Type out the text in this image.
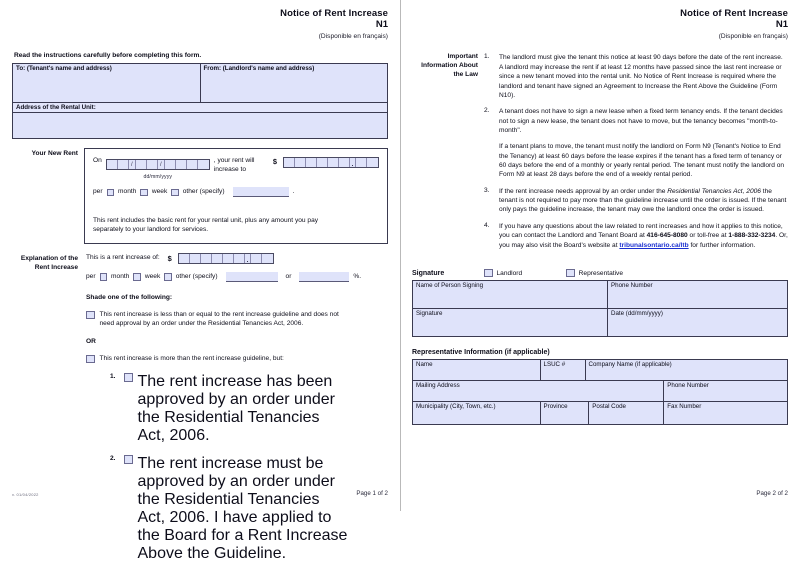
Notice of Rent Increase
N1
(Disponible en français)
Read the instructions carefully before completing this form.
To: (Tenant's name and address)	From: (Landlord's name and address)
Address of the Rental Unit:

Your New Rent
On
/	/
dd/mm/yyyy
, your rent will increase to
$
per month week other (specify)	.
This rent includes the basic rent for your rental unit, plus any amount you pay separately to your landlord for services.
Explanation of the Rent Increase
This is a rent increase of: $
per month week other (specify)	or	%.
Shade one of the following:
This rent increase is less than or equal to the rent increase guideline and does not need approval by an order under the Residential Tenancies Act, 2006.
OR
This rent increase is more than the rent increase guideline, but:
1. The rent increase has been approved by an order under the Residential Tenancies Act, 2006.
2. The rent increase must be approved by an order under the Residential Tenancies Act, 2006. I have applied to the Board for a Rent Increase Above the Guideline.
v. 01/04/2022	Page 1 of 2
Notice of Rent Increase
N1
(Disponible en français)
Important Information About the Law
1.	The landlord must give the tenant this notice at least 90 days before the date of the rent increase. A landlord may increase the rent if at least 12 months have passed since the last rent increase or since a new tenant moved into the rental unit. No Notice of Rent Increase is required where the landlord and tenant have signed an Agreement to Increase the Rent Above the Guideline (Form N10).
2.	A tenant does not have to sign a new lease when a fixed term tenancy ends. If the tenant decides not to sign a new lease, the tenant does not have to move, but the tenancy becomes "month-to-month".
If a tenant plans to move, the tenant must notify the landlord on Form N9 (Tenant's Notice to End the Tenancy) at least 60 days before the lease expires if the tenant has a fixed term of tenancy or 60 days before the end of a monthly or yearly rental period. The tenant must notify the landlord on Form N9 at least 28 days before the end of a weekly rental period.
3.	If the rent increase needs approval by an order under the Residential Tenancies Act, 2006 the tenant is not required to pay more than the guideline increase until the order is issued. If the tenant only pays the guideline increase, the tenant may owe the landlord once the order is issued.
4.	If you have any questions about the law related to rent increases and how it applies to this notice, you can contact the Landlord and Tenant Board at 416-645-8080 or toll-free at 1-888-332-3234. Or, you may also visit the Board's website at tribunalsontario.ca/ltb for further information.
Signature	Landlord	Representative
Name of Person Signing	Phone Number

Signature	Date (dd/mm/yyyy)
Representative Information (if applicable)
Name	LSUC #	Company Name (if applicable)
Mailing Address	Phone Number
Municipality (City, Town, etc.)	Province	Postal Code	Fax Number
Page 2 of 2
